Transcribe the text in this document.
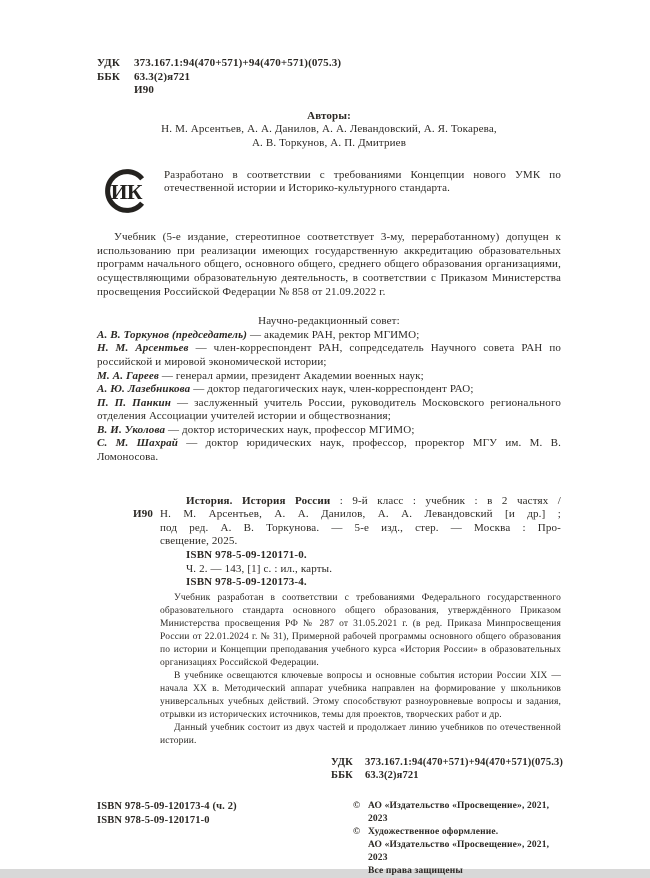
УДК 373.167.1:94(470+571)+94(470+571)(075.3)
ББК 63.3(2)я721
И90

Авторы:

Н. М. Арсентьев, А. А. Данилов, А. А. Левандовский, А. Я. Токарева,

А. В. Торкунов, А. П. Дмитриев

ИК

Разработано в соответствии с требованиями Концепции нового УМК по отечественной истории и Историко-культурного стандарта.

Учебник (5-е издание, стереотипное соответствует 3-му, переработанному) допущен к использованию при реализации имеющих государственную аккредитацию образовательных программ начального общего, основного общего, среднего общего образования организациями, осуществляющими образовательную деятельность, в соответствии с Приказом Министерства просвещения Российской Федерации № 858 от 21.09.2022 г.

Научно-редакционный совет:

А. В. Торкунов (председатель) — академик РАН, ректор МГИМО;

Н. М. Арсентьев — член-корреспондент РАН, сопредседатель Научного совета РАН по российской и мировой экономической истории;

М. А. Гареев — генерал армии, президент Академии военных наук;

А. Ю. Лазебникова — доктор педагогических наук, член-корреспондент РАО;

П. П. Панкин — заслуженный учитель России, руководитель Московского регионального отделения Ассоциации учителей истории и обществознания;

В. И. Уколова — доктор исторических наук, профессор МГИМО;

С. М. Шахрай — доктор юридических наук, профессор, проректор МГУ им. М. В. Ломоносова.

И90

История. История России : 9-й класс : учебник : в 2 частях /

Н. М. Арсентьев, А. А. Данилов, А. А. Левандовский [и др.] ;

под ред. А. В. Торкунова. — 5-е изд., стер. — Москва : Про-

свещение, 2025.

ISBN 978-5-09-120171-0.

Ч. 2. — 143, [1] с. : ил., карты.

ISBN 978-5-09-120173-4.

Учебник разработан в соответствии с требованиями Федерального государственного образовательного стандарта основного общего образования, утверждённого Приказом Министерства просвещения РФ № 287 от 31.05.2021 г. (в ред. Приказа Минпросвещения России от 22.01.2024 г. № 31), Примерной рабочей программы основного общего образования по истории и Концепции преподавания учебного курса «История России» в образовательных организациях Российской Федерации.

В учебнике освещаются ключевые вопросы и основные события истории России XIX — начала XX в. Методический аппарат учебника направлен на формирование у школьников универсальных учебных действий. Этому способствуют разноуровневые вопросы и задания, отрывки из исторических источников, темы для проектов, творческих работ и др.

Данный учебник состоит из двух частей и продолжает линию учебников по отечественной истории.

УДК 373.167.1:94(470+571)+94(470+571)(075.3)
ББК 63.3(2)я721

ISBN 978-5-09-120173-4 (ч. 2)

ISBN 978-5-09-120171-0

© АО «Издательство «Просвещение», 2021, 2023
© Художественное оформление.
АО «Издательство «Просвещение», 2021, 2023
Все права защищены
